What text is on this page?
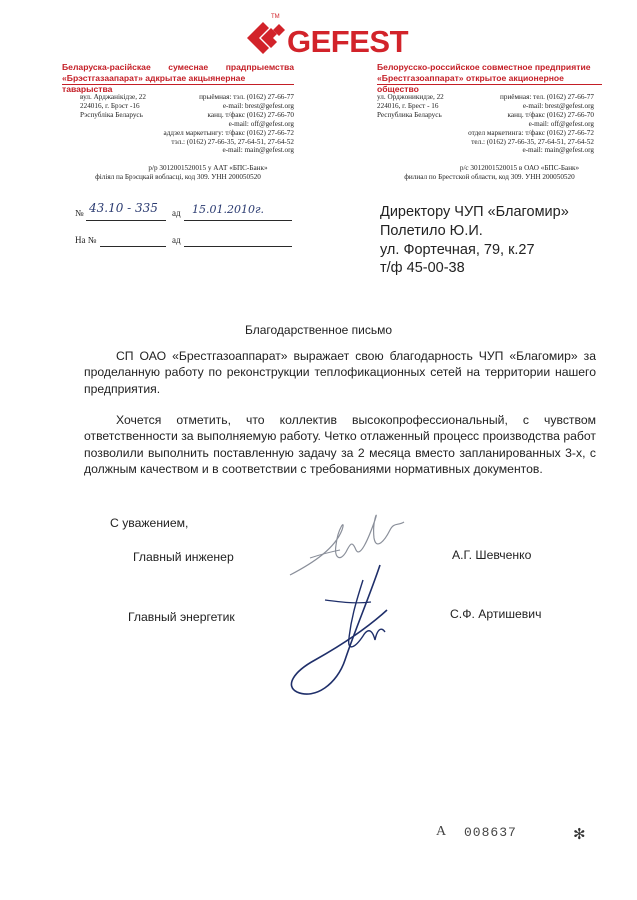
ТМ
GEFEST
Беларуска-расійскае сумеснае прадпрыемства
«Брэстгазаапарат» адкрытае акцыянернае таварыства
вул. Арджанікідзе, 22
224016, г. Брэст -16
Рэспубліка Беларусь
прыёмная: тэл. (0162) 27-66-77
e-mail: brest@gefest.org
канц. т/факс (0162) 27-66-70
e-mail: off@gefest.org
аддзел маркетынгу: т/факс (0162) 27-66-72
тэл.: (0162) 27-66-35, 27-64-51, 27-64-52
e-mail: main@gefest.org
р/р 3012001520015 у ААТ «БПС-Банк»
філіял па Брэсцкай вобласці, код 309. УНН 200050520
Белорусско-российское совместное предприятие
«Брестгазоаппарат» открытое акционерное общество
ул. Орджоникидзе, 22
224016, г. Брест - 16
Республика Беларусь
приёмная: тел. (0162) 27-66-77
e-mail: brest@gefest.org
канц. т/факс (0162) 27-66-70
e-mail: off@gefest.org
отдел маркетинга: т/факс (0162) 27-66-72
тел.: (0162) 27-66-35, 27-64-51, 27-64-52
e-mail: main@gefest.org
р/с 3012001520015 в ОАО «БПС-Банк»
филиал по Брестской области, код 309. УНН 200050520
№ 43.10 - 335 ад 15.01.2010г.
На №	ад
Директору ЧУП «Благомир»
Полетило Ю.И.
ул. Фортечная, 79, к.27
т/ф 45-00-38
Благодарственное письмо
СП ОАО «Брестгазоаппарат» выражает свою благодарность ЧУП «Благомир» за проделанную работу по реконструкции теплофикационных сетей на территории нашего предприятия.
Хочется отметить, что коллектив высокопрофессиональный, с чувством ответственности за выполняемую работу. Четко отлаженный процесс производства работ позволили выполнить поставленную задачу за 2 месяца вместо запланированных 3-х, с должным качеством и в соответствии с требованиями нормативных документов.
С уважением,
Главный инженер	А.Г. Шевченко
Главный энергетик	С.Ф. Артишевич
А 008637	✻
